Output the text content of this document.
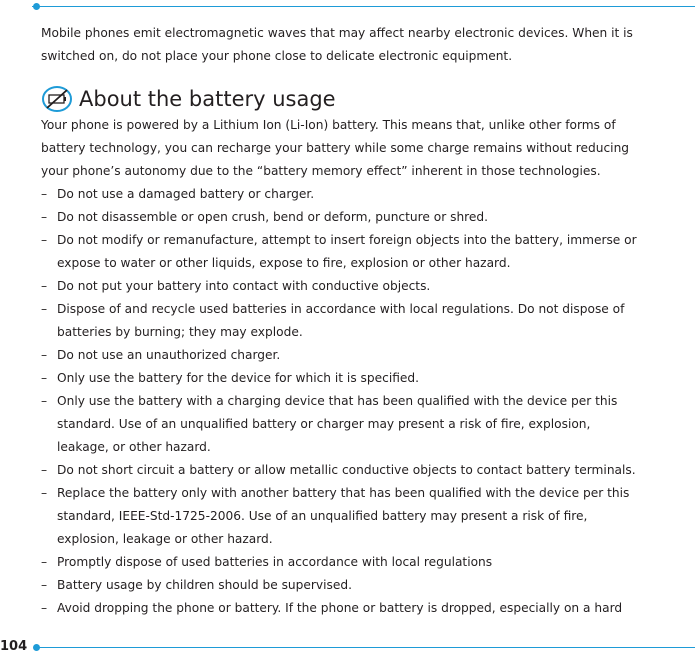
Mobile phones emit electromagnetic waves that may affect nearby electronic devices. When it is switched on, do not place your phone close to delicate electronic equipment.
About the battery usage
Your phone is powered by a Lithium Ion (Li-Ion) battery. This means that, unlike other forms of battery technology, you can recharge your battery while some charge remains without reducing your phone’s autonomy due to the “battery memory effect” inherent in those technologies.
– Do not use a damaged battery or charger.
– Do not disassemble or open crush, bend or deform, puncture or shred.
– Do not modify or remanufacture, attempt to insert foreign objects into the battery, immerse or expose to water or other liquids, expose to fire, explosion or other hazard.
– Do not put your battery into contact with conductive objects.
– Dispose of and recycle used batteries in accordance with local regulations. Do not dispose of batteries by burning; they may explode.
– Do not use an unauthorized charger.
– Only use the battery for the device for which it is specified.
– Only use the battery with a charging device that has been qualified with the device per this standard. Use of an unqualified battery or charger may present a risk of fire, explosion, leakage, or other hazard.
– Do not short circuit a battery or allow metallic conductive objects to contact battery terminals.
– Replace the battery only with another battery that has been qualified with the device per this standard, IEEE-Std-1725-2006. Use of an unqualified battery may present a risk of fire, explosion, leakage or other hazard.
– Promptly dispose of used batteries in accordance with local regulations
– Battery usage by children should be supervised.
– Avoid dropping the phone or battery. If the phone or battery is dropped, especially on a hard
104
